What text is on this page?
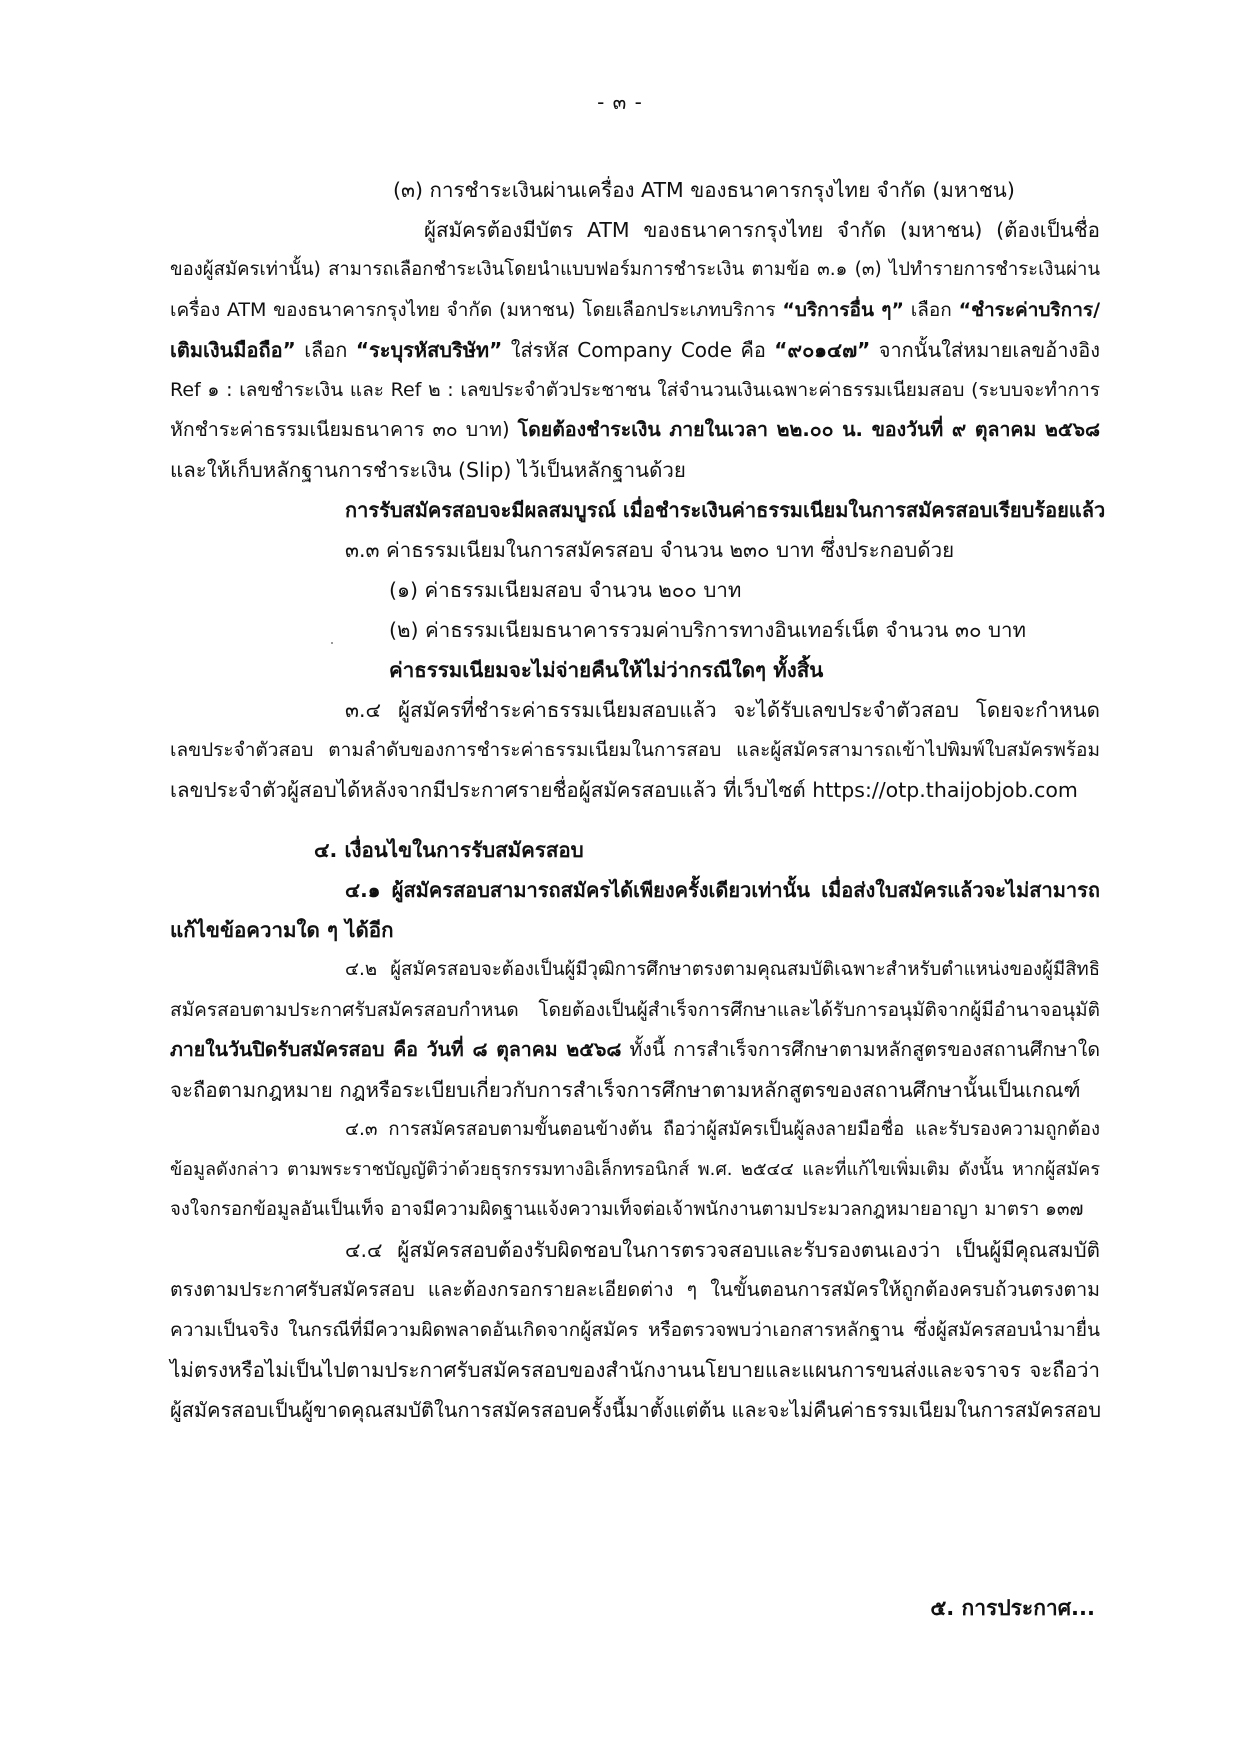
- ๓ -
(๓) การชำระเงินผ่านเครื่อง ATM ของธนาคารกรุงไทย จำกัด (มหาชน)
ผู้สมัครต้องมีบัตร ATM ของธนาคารกรุงไทย จำกัด (มหาชน) (ต้องเป็นชื่อ
ของผู้สมัครเท่านั้น) สามารถเลือกชำระเงินโดยนำแบบฟอร์มการชำระเงิน ตามข้อ ๓.๑ (๓) ไปทำรายการชำระเงินผ่าน
เครื่อง ATM ของธนาคารกรุงไทย จำกัด (มหาชน) โดยเลือกประเภทบริการ “บริการอื่น ๆ” เลือก “ชำระค่าบริการ/
เติมเงินมือถือ” เลือก “ระบุรหัสบริษัท” ใส่รหัส Company Code คือ “๙๐๑๔๗” จากนั้นใส่หมายเลขอ้างอิง
Ref ๑ : เลขชำระเงิน และ Ref ๒ : เลขประจำตัวประชาชน ใส่จำนวนเงินเฉพาะค่าธรรมเนียมสอบ (ระบบจะทำการ
หักชำระค่าธรรมเนียมธนาคาร ๓๐ บาท) โดยต้องชำระเงิน ภายในเวลา ๒๒.๐๐ น. ของวันที่ ๙ ตุลาคม ๒๕๖๘
และให้เก็บหลักฐานการชำระเงิน (Slip) ไว้เป็นหลักฐานด้วย
การรับสมัครสอบจะมีผลสมบูรณ์ เมื่อชำระเงินค่าธรรมเนียมในการสมัครสอบเรียบร้อยแล้ว
๓.๓ ค่าธรรมเนียมในการสมัครสอบ จำนวน ๒๓๐ บาท ซึ่งประกอบด้วย
(๑) ค่าธรรมเนียมสอบ จำนวน ๒๐๐ บาท
(๒) ค่าธรรมเนียมธนาคารรวมค่าบริการทางอินเทอร์เน็ต จำนวน ๓๐ บาท
ค่าธรรมเนียมจะไม่จ่ายคืนให้ไม่ว่ากรณีใดๆ ทั้งสิ้น
๓.๔ ผู้สมัครที่ชำระค่าธรรมเนียมสอบแล้ว จะได้รับเลขประจำตัวสอบ โดยจะกำหนด
เลขประจำตัวสอบ ตามลำดับของการชำระค่าธรรมเนียมในการสอบ และผู้สมัครสามารถเข้าไปพิมพ์ใบสมัครพร้อม
เลขประจำตัวผู้สอบได้หลังจากมีประกาศรายชื่อผู้สมัครสอบแล้ว ที่เว็บไซต์ https://otp.thaijobjob.com
๔. เงื่อนไขในการรับสมัครสอบ
๔.๑ ผู้สมัครสอบสามารถสมัครได้เพียงครั้งเดียวเท่านั้น เมื่อส่งใบสมัครแล้วจะไม่สามารถ
แก้ไขข้อความใด ๆ ได้อีก
๔.๒ ผู้สมัครสอบจะต้องเป็นผู้มีวุฒิการศึกษาตรงตามคุณสมบัติเฉพาะสำหรับตำแหน่งของผู้มีสิทธิ
สมัครสอบตามประกาศรับสมัครสอบกำหนด โดยต้องเป็นผู้สำเร็จการศึกษาและได้รับการอนุมัติจากผู้มีอำนาจอนุมัติ
ภายในวันปิดรับสมัครสอบ คือ วันที่ ๘ ตุลาคม ๒๕๖๘ ทั้งนี้ การสำเร็จการศึกษาตามหลักสูตรของสถานศึกษาใด
จะถือตามกฎหมาย กฎหรือระเบียบเกี่ยวกับการสำเร็จการศึกษาตามหลักสูตรของสถานศึกษานั้นเป็นเกณฑ์
๔.๓ การสมัครสอบตามขั้นตอนข้างต้น ถือว่าผู้สมัครเป็นผู้ลงลายมือชื่อ และรับรองความถูกต้อง
ข้อมูลดังกล่าว ตามพระราชบัญญัติว่าด้วยธุรกรรมทางอิเล็กทรอนิกส์ พ.ศ. ๒๕๔๔ และที่แก้ไขเพิ่มเติม ดังนั้น หากผู้สมัคร
จงใจกรอกข้อมูลอันเป็นเท็จ อาจมีความผิดฐานแจ้งความเท็จต่อเจ้าพนักงานตามประมวลกฎหมายอาญา มาตรา ๑๓๗
๔.๔ ผู้สมัครสอบต้องรับผิดชอบในการตรวจสอบและรับรองตนเองว่า เป็นผู้มีคุณสมบัติ
ตรงตามประกาศรับสมัครสอบ และต้องกรอกรายละเอียดต่าง ๆ ในขั้นตอนการสมัครให้ถูกต้องครบถ้วนตรงตาม
ความเป็นจริง ในกรณีที่มีความผิดพลาดอันเกิดจากผู้สมัคร หรือตรวจพบว่าเอกสารหลักฐาน ซึ่งผู้สมัครสอบนำมายื่น
ไม่ตรงหรือไม่เป็นไปตามประกาศรับสมัครสอบของสำนักงานนโยบายและแผนการขนส่งและจราจร จะถือว่า
ผู้สมัครสอบเป็นผู้ขาดคุณสมบัติในการสมัครสอบครั้งนี้มาตั้งแต่ต้น และจะไม่คืนค่าธรรมเนียมในการสมัครสอบ
๕. การประกาศ...
